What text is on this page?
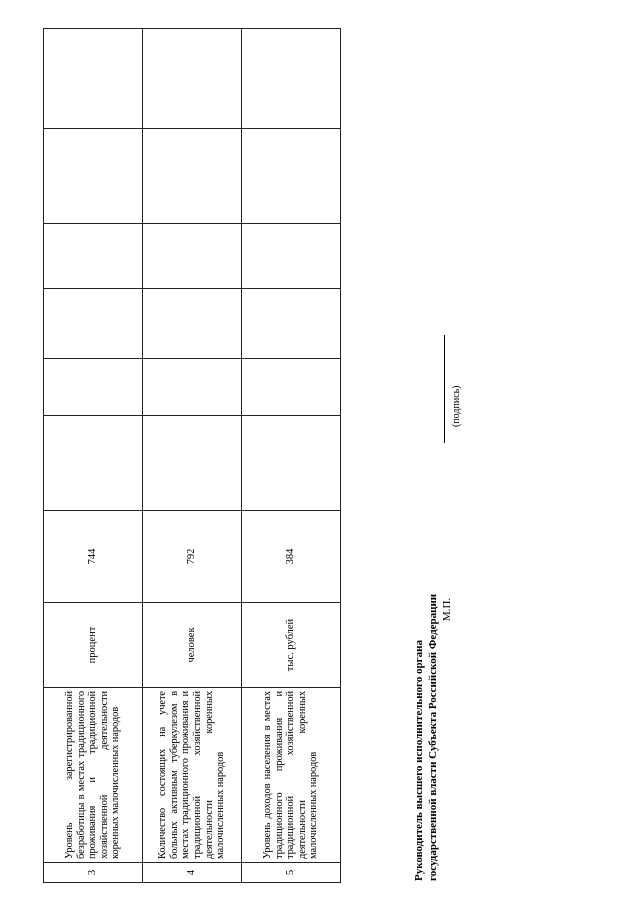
3	Уровень зарегистрированной безработицы в местах традиционного проживания и традиционной хозяйственной деятельности коренных малочисленных народов	процент	744						
4	Количество состоящих на учете больных активным туберкулезом в местах традиционного проживания и традиционной хозяйственной деятельности коренных малочисленных народов	человек	792						
5	Уровень доходов населения в местах традиционного проживания и традиционной хозяйственной деятельности коренных малочисленных народов	тыс. рублей	384						
Руководитель высшего исполнительного органа государственной власти Субъекта Российской Федерации М.П.
(подпись)
